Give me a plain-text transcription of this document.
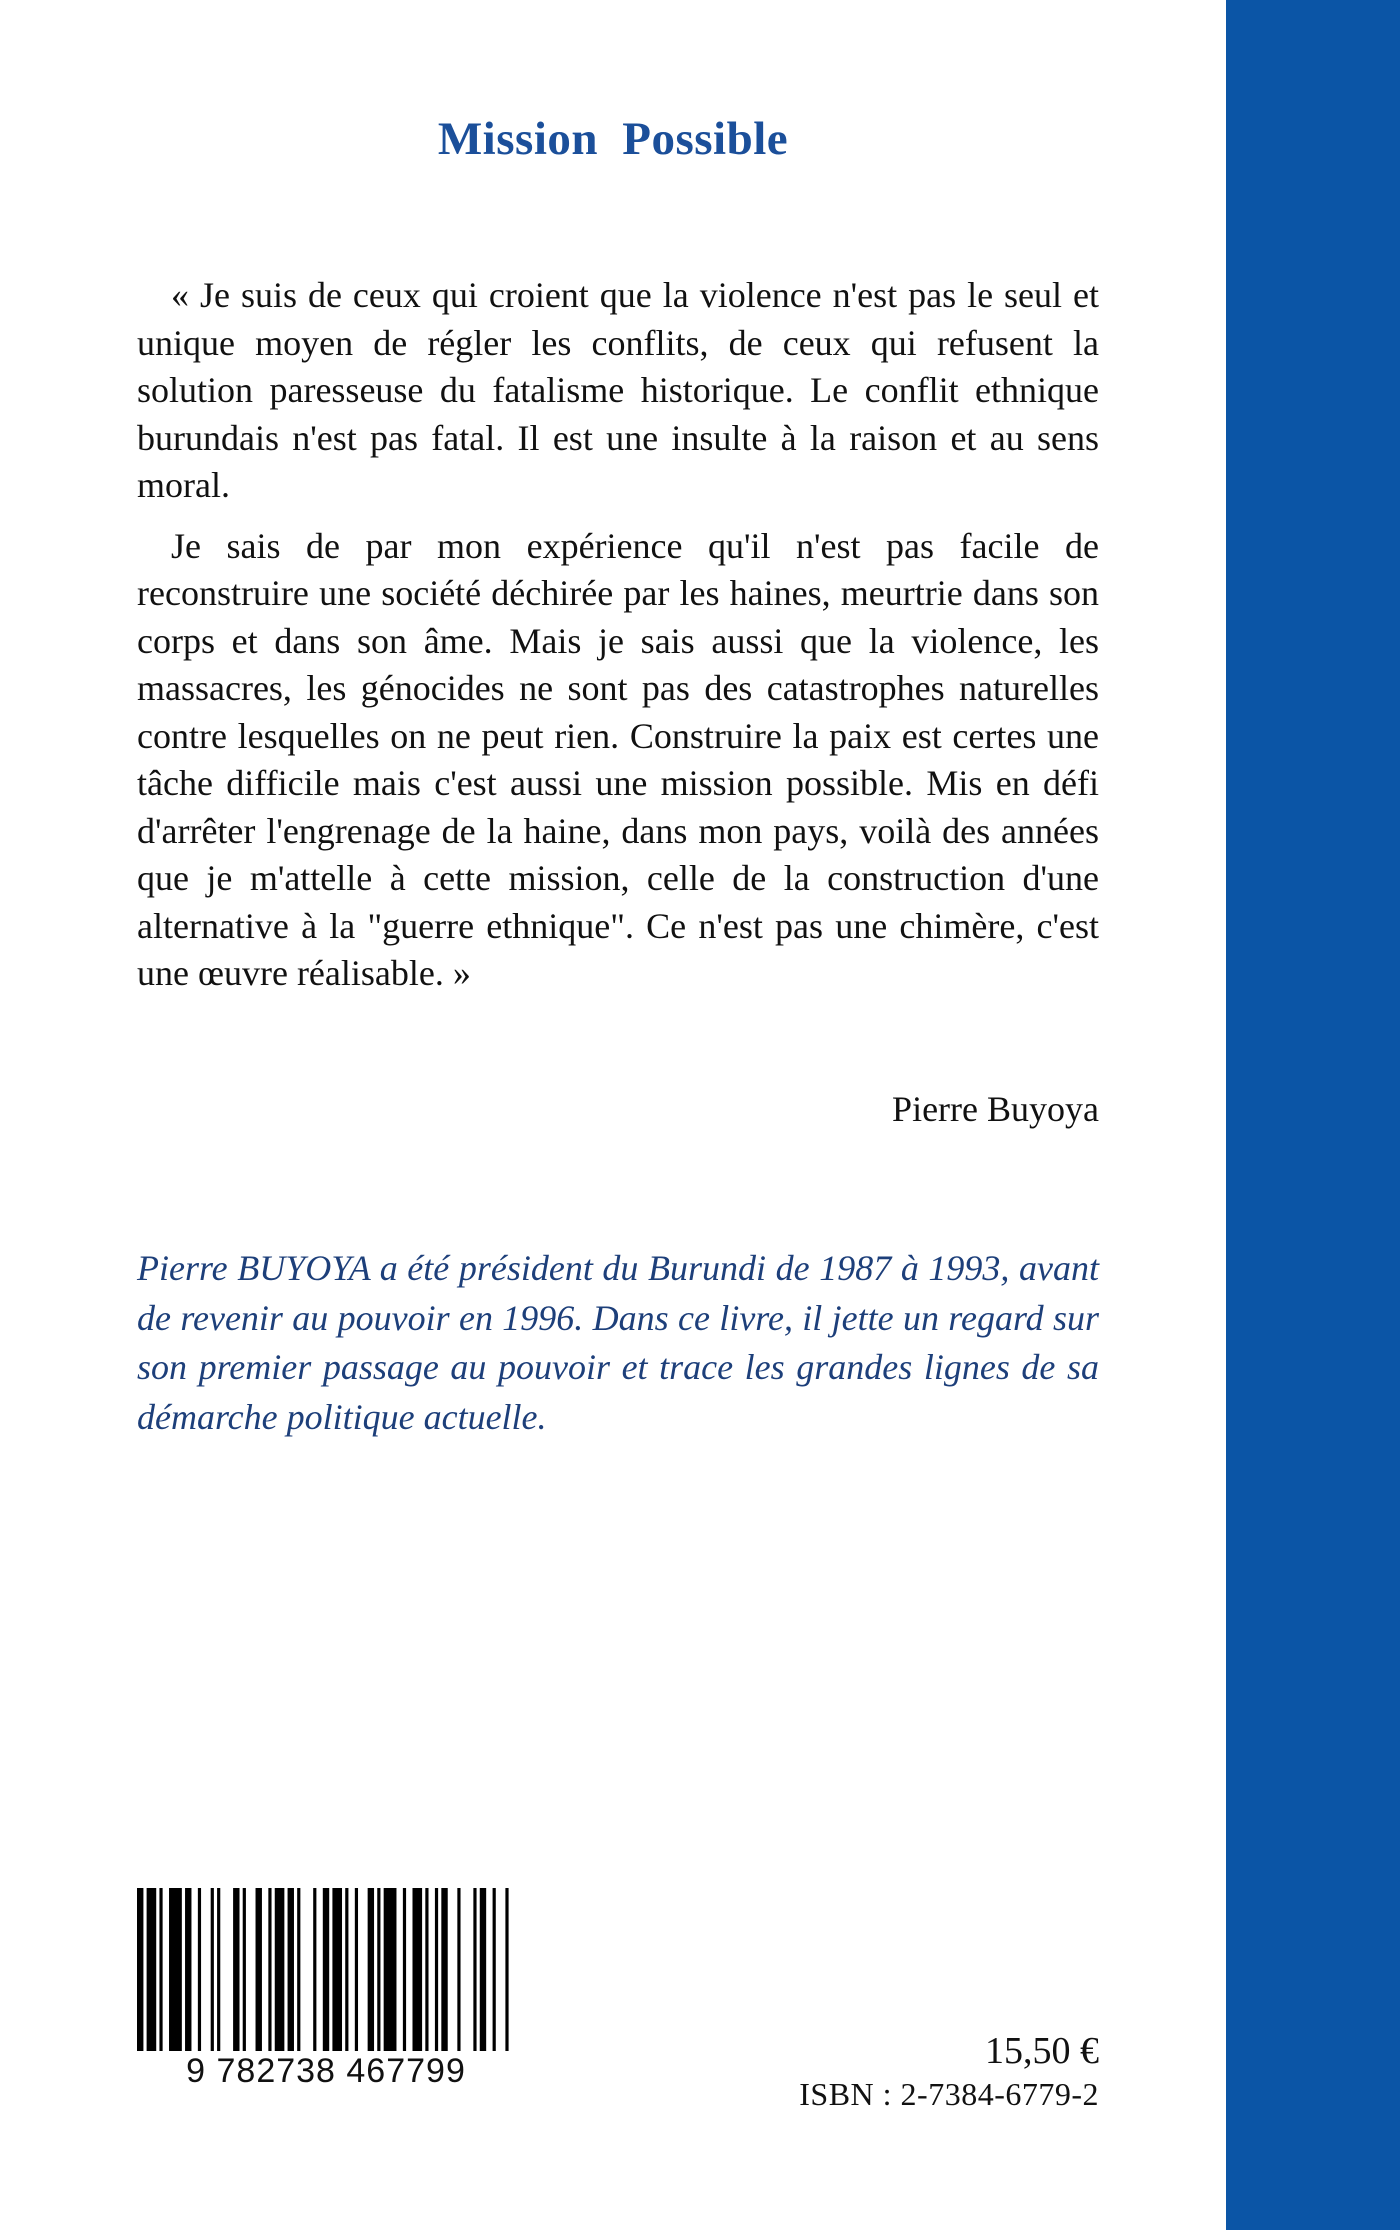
Mission Possible

« Je suis de ceux qui croient que la violence n'est pas le seul et unique moyen de régler les conflits, de ceux qui refusent la solution paresseuse du fatalisme historique. Le conflit ethnique burundais n'est pas fatal. Il est une insulte à la raison et au sens moral.

Je sais de par mon expérience qu'il n'est pas facile de reconstruire une société déchirée par les haines, meurtrie dans son corps et dans son âme. Mais je sais aussi que la violence, les massacres, les génocides ne sont pas des catastrophes naturelles contre lesquelles on ne peut rien. Construire la paix est certes une tâche difficile mais c'est aussi une mission possible. Mis en défi d'arrêter l'engrenage de la haine, dans mon pays, voilà des années que je m'attelle à cette mission, celle de la construction d'une alternative à la "guerre ethnique". Ce n'est pas une chimère, c'est une œuvre réalisable. »

Pierre Buyoya

Pierre BUYOYA a été président du Burundi de 1987 à 1993, avant de revenir au pouvoir en 1996. Dans ce livre, il jette un regard sur son premier passage au pouvoir et trace les grandes lignes de sa démarche politique actuelle.

9 782738 467799	15,50 €

ISBN : 2-7384-6779-2
